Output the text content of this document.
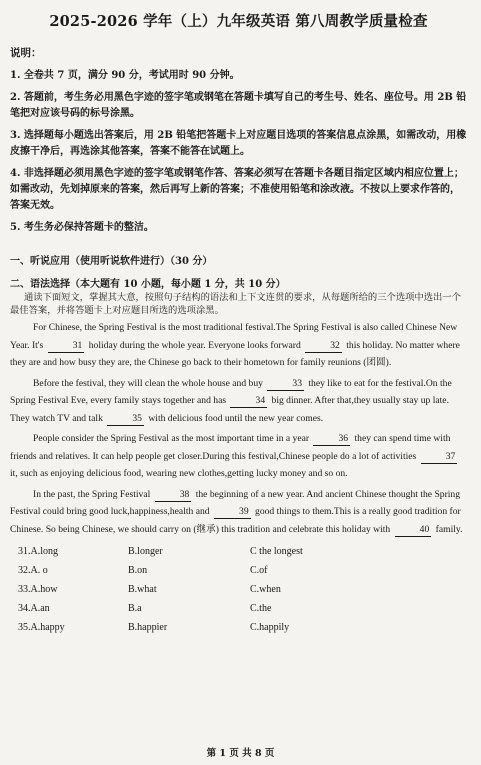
2025-2026 学年（上）九年级英语 第八周教学质量检查
说明：
1. 全卷共 7 页，满分 90 分，考试用时 90 分钟。
2. 答题前，考生务必用黑色字迹的签字笔或钢笔在答题卡填写自己的考生号、姓名、座位号。用 2B 铅笔把对应该号码的标号涂黑。
3. 选择题每小题选出答案后，用 2B 铅笔把答题卡上对应题目选项的答案信息点涂黑，如需改动，用橡皮擦干净后，再选涂其他答案，答案不能答在试题上。
4. 非选择题必须用黑色字迹的签字笔或钢笔作答、答案必须写在答题卡各题目指定区域内相应位置上；如需改动，先划掉原来的答案，然后再写上新的答案；不准使用铅笔和涂改液。不按以上要求作答的，答案无效。
5. 考生务必保持答题卡的整洁。
一、听说应用（使用听说软件进行）（30 分）
二、语法选择（本大题有 10 小题，每小题 1 分，共 10 分）
通读下面短文，掌握其大意，按照句子结构的语法和上下文连贯的要求，从每题所给的三个选项中选出一个最佳答案，并将答题卡上对应题目所选的选项涂黑。

For Chinese, the Spring Festival is the most traditional festival.The Spring Festival is also called Chinese New Year. It's	31 holiday during the whole year. Everyone looks forward	32 this holiday. No matter where they are and how busy they are, the Chinese go back to their hometown for family reunions (团圆).

Before the festival, they will clean the whole house and buy	33 they like to eat for the festival.On the Spring Festival Eve, every family stays together and has	34 big dinner. After that,they usually stay up late. They watch TV and talk	35 with delicious food until the new year comes.

People consider the Spring Festival as the most important time in a year	36 they can spend time with friends and relatives. It can help people get closer.During this festival,Chinese people do a lot of activities	37 it, such as enjoying delicious food, wearing new clothes,getting lucky money and so on.

In the past, the Spring Festival	38 the beginning of a new year. And ancient Chinese thought the Spring Festival could bring good luck,happiness,health and	39 good things to them.This is a really good tradition for Chinese. So being Chinese, we should carry on (继承) this tradition and celebrate this holiday with	40 family.

31.A.long	B.longer	C the longest
32.A. o	B.on	C.of
33.A.how	B.what	C.when
34.A.an	B.a	C.the
35.A.happy	B.happier	C.happily
第 1 页 共 8 页
